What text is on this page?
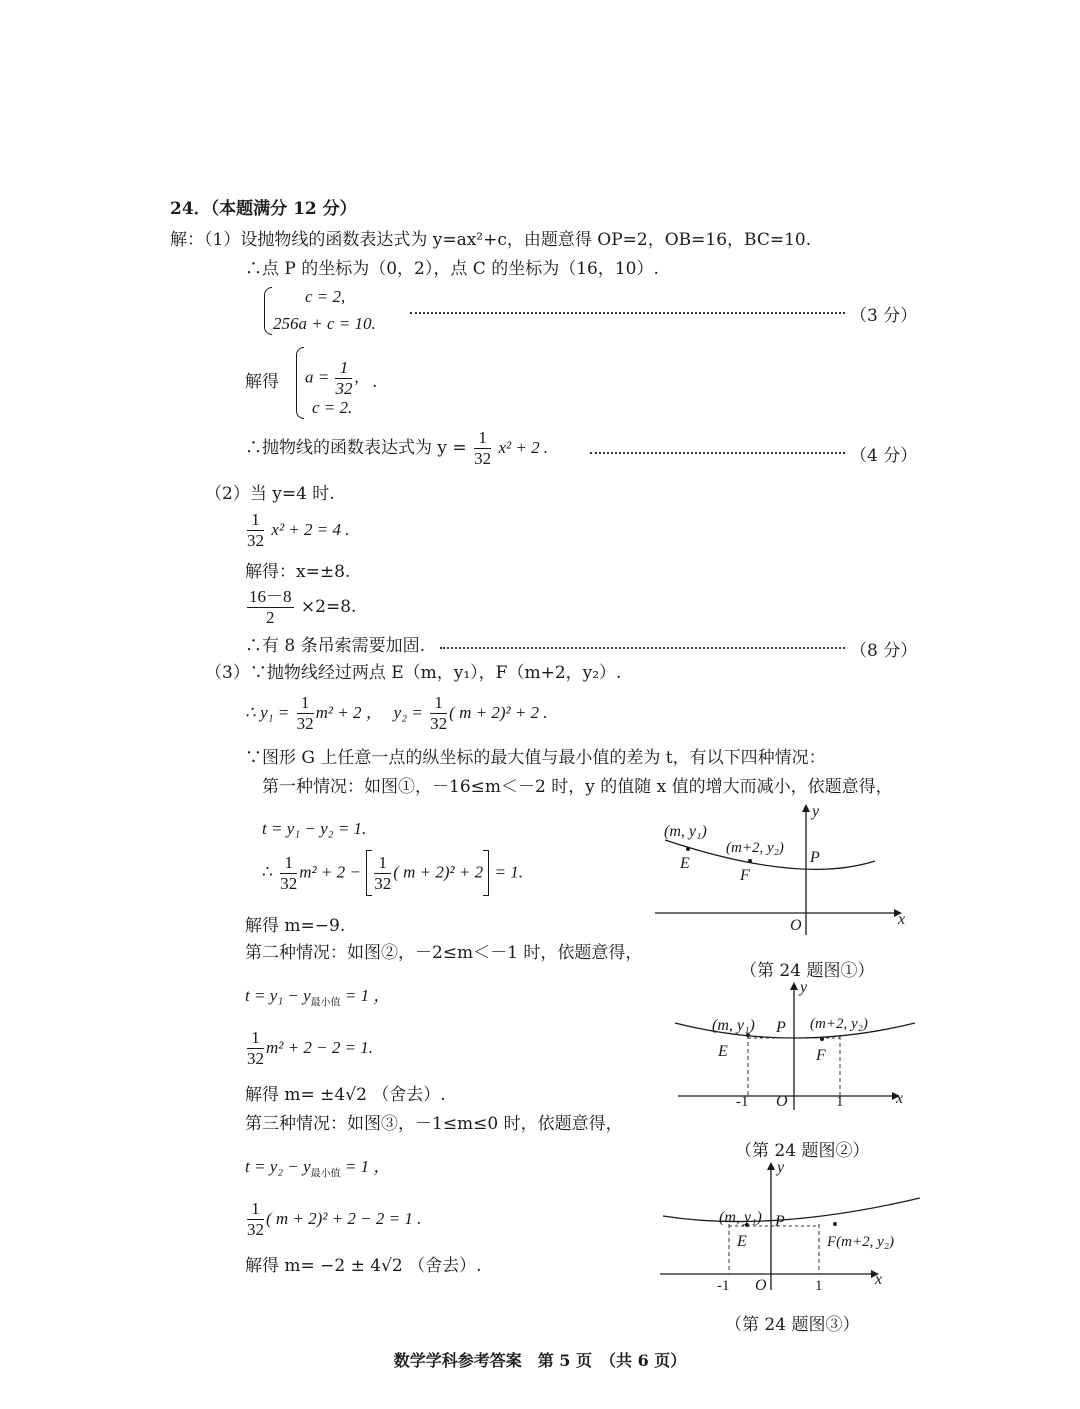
24．（本题满分 12 分）
解：（1）设抛物线的函数表达式为 y=ax²+c，由题意得 OP=2，OB=16，BC=10.
∴点 P 的坐标为（0，2），点 C 的坐标为（16，10）.
c = 2,
256a + c = 10.	（3 分）
解得 $a = \frac{1}{32}$ , .
c = 2.
∴抛物线的函数表达式为 $y = \frac{1}{32} x^2 + 2$ .	（4 分）
（2）当 y=4 时.
$\frac{1}{32} x^2 + 2 = 4$ .
解得：x=±8.
$\frac{16-8}{2} \times 2=8$.
∴有 8 条吊索需要加固.	（8 分）
（3）∵抛物线经过两点 E（m，y₁），F（m+2，y₂）.
∴ $y_1 = \frac{1}{32} m^2 + 2$ ， $y_2 = \frac{1}{32}$ ( m + 2)² + 2 .
∵图形 G 上任意一点的纵坐标的最大值与最小值的差为 t，有以下四种情况：
第一种情况：如图①，－16≤m＜－2 时，y 的值随 x 值的增大而减小，依题意得，
t = y₁ − y₂ = 1.
∴ $\frac{1}{32} m^2 + 2 - \frac{1}{32}$ ( m + 2)² + 2 = 1.
解得 m=−9.
第二种情况：如图②，－2≤m＜－1 时，依题意得，
$t = y_1 - y_{最小值} = 1$ ，
$\frac{1}{32} m^2 + 2 - 2 = 1$.
解得 m= ±4√2 （舍去）.
第三种情况：如图③，－1≤m≤0 时，依题意得，
$t = y_2 - y_{最小值} = 1$ ，
$\frac{1}{32}$ ( m + 2)² + 2 − 2 = 1 .
解得 m= −2 ± 4√2 （舍去）.
(m, y₁)
(m+2, y₂)
E
F
P
O
y
x
（第 24 题图①）
(m, y₁)	(m+2, y₂)
P
E	F
-1 O	1
y
x
（第 24 题图②）
(m, y₁) P
E	F(m+2, y₂)
-1 O	1
y
x
（第 24 题图③）
数学学科参考答案　第 5 页　（共 6 页）
